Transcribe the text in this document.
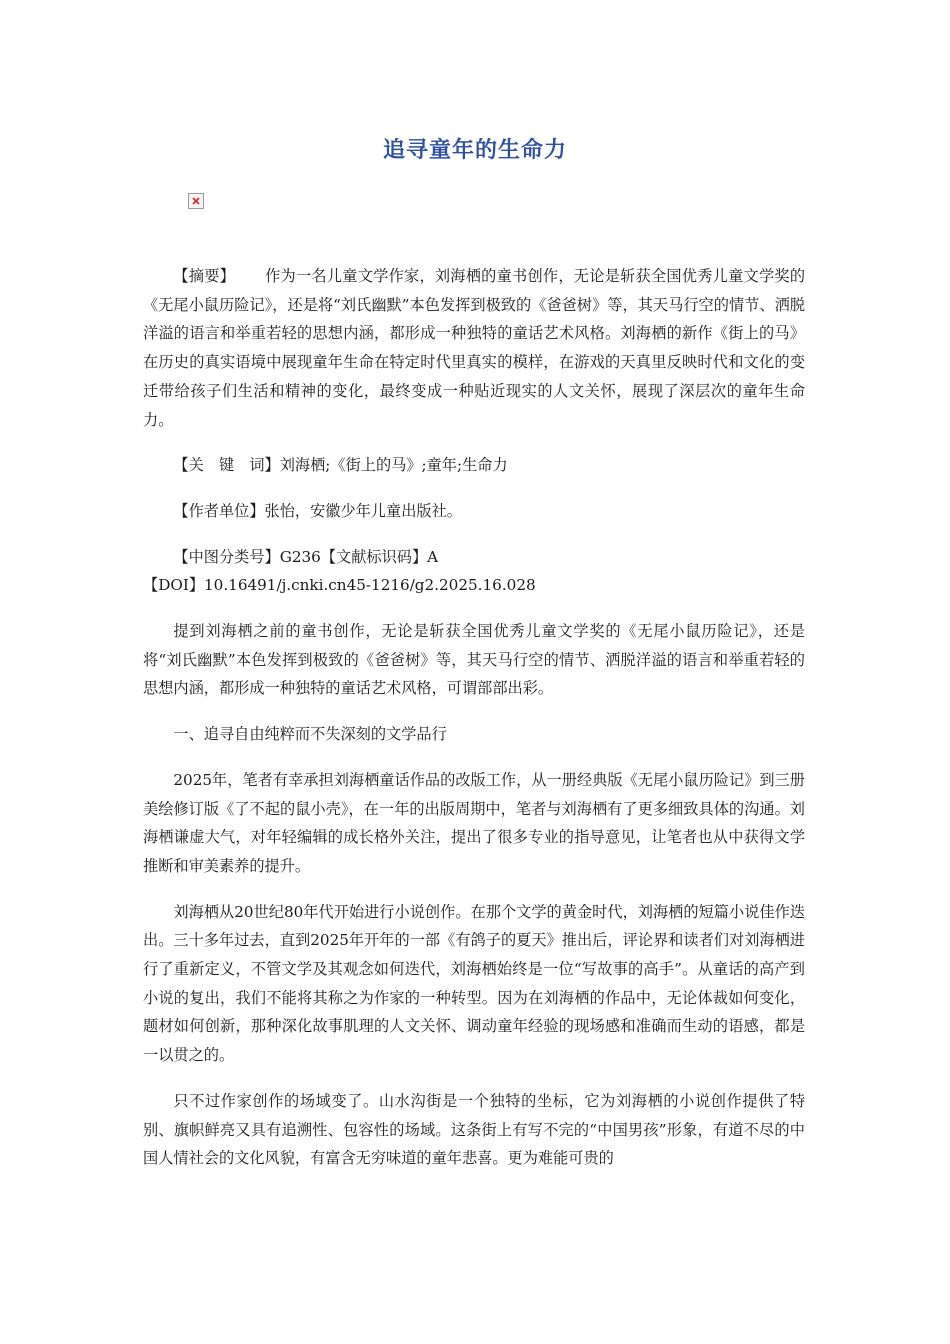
追寻童年的生命力

【摘要】 作为一名儿童文学作家，刘海栖的童书创作，无论是斩获全国优秀儿童文学奖的《无尾小鼠历险记》，还是将“刘氏幽默”本色发挥到极致的《爸爸树》等，其天马行空的情节、洒脱洋溢的语言和举重若轻的思想内涵，都形成一种独特的童话艺术风格。刘海栖的新作《街上的马》在历史的真实语境中展现童年生命在特定时代里真实的模样，在游戏的天真里反映时代和文化的变迁带给孩子们生活和精神的变化，最终变成一种贴近现实的人文关怀，展现了深层次的童年生命力。

【关　键　词】刘海栖;《街上的马》;童年;生命力

【作者单位】张怡，安徽少年儿童出版社。

【中图分类号】G236【文献标识码】A

【DOI】10.16491/j.cnki.cn45-1216/g2.2025.16.028

提到刘海栖之前的童书创作，无论是斩获全国优秀儿童文学奖的《无尾小鼠历险记》，还是将“刘氏幽默”本色发挥到极致的《爸爸树》等，其天马行空的情节、洒脱洋溢的语言和举重若轻的思想内涵，都形成一种独特的童话艺术风格，可谓部部出彩。

一、追寻自由纯粹而不失深刻的文学品行

2025年，笔者有幸承担刘海栖童话作品的改版工作，从一册经典版《无尾小鼠历险记》到三册美绘修订版《了不起的鼠小壳》，在一年的出版周期中，笔者与刘海栖有了更多细致具体的沟通。刘海栖谦虚大气，对年轻编辑的成长格外关注，提出了很多专业的指导意见，让笔者也从中获得文学推断和审美素养的提升。

刘海栖从20世纪80年代开始进行小说创作。在那个文学的黄金时代，刘海栖的短篇小说佳作迭出。三十多年过去，直到2025年开年的一部《有鸽子的夏天》推出后，评论界和读者们对刘海栖进行了重新定义，不管文学及其观念如何迭代，刘海栖始终是一位“写故事的高手”。从童话的高产到小说的复出，我们不能将其称之为作家的一种转型。因为在刘海栖的作品中，无论体裁如何变化，题材如何创新，那种深化故事肌理的人文关怀、调动童年经验的现场感和准确而生动的语感，都是一以贯之的。

只不过作家创作的场域变了。山水沟街是一个独特的坐标，它为刘海栖的小说创作提供了特别、旗帜鲜亮又具有追溯性、包容性的场域。这条街上有写不完的“中国男孩”形象，有道不尽的中国人情社会的文化风貌，有富含无穷味道的童年悲喜。更为难能可贵的
